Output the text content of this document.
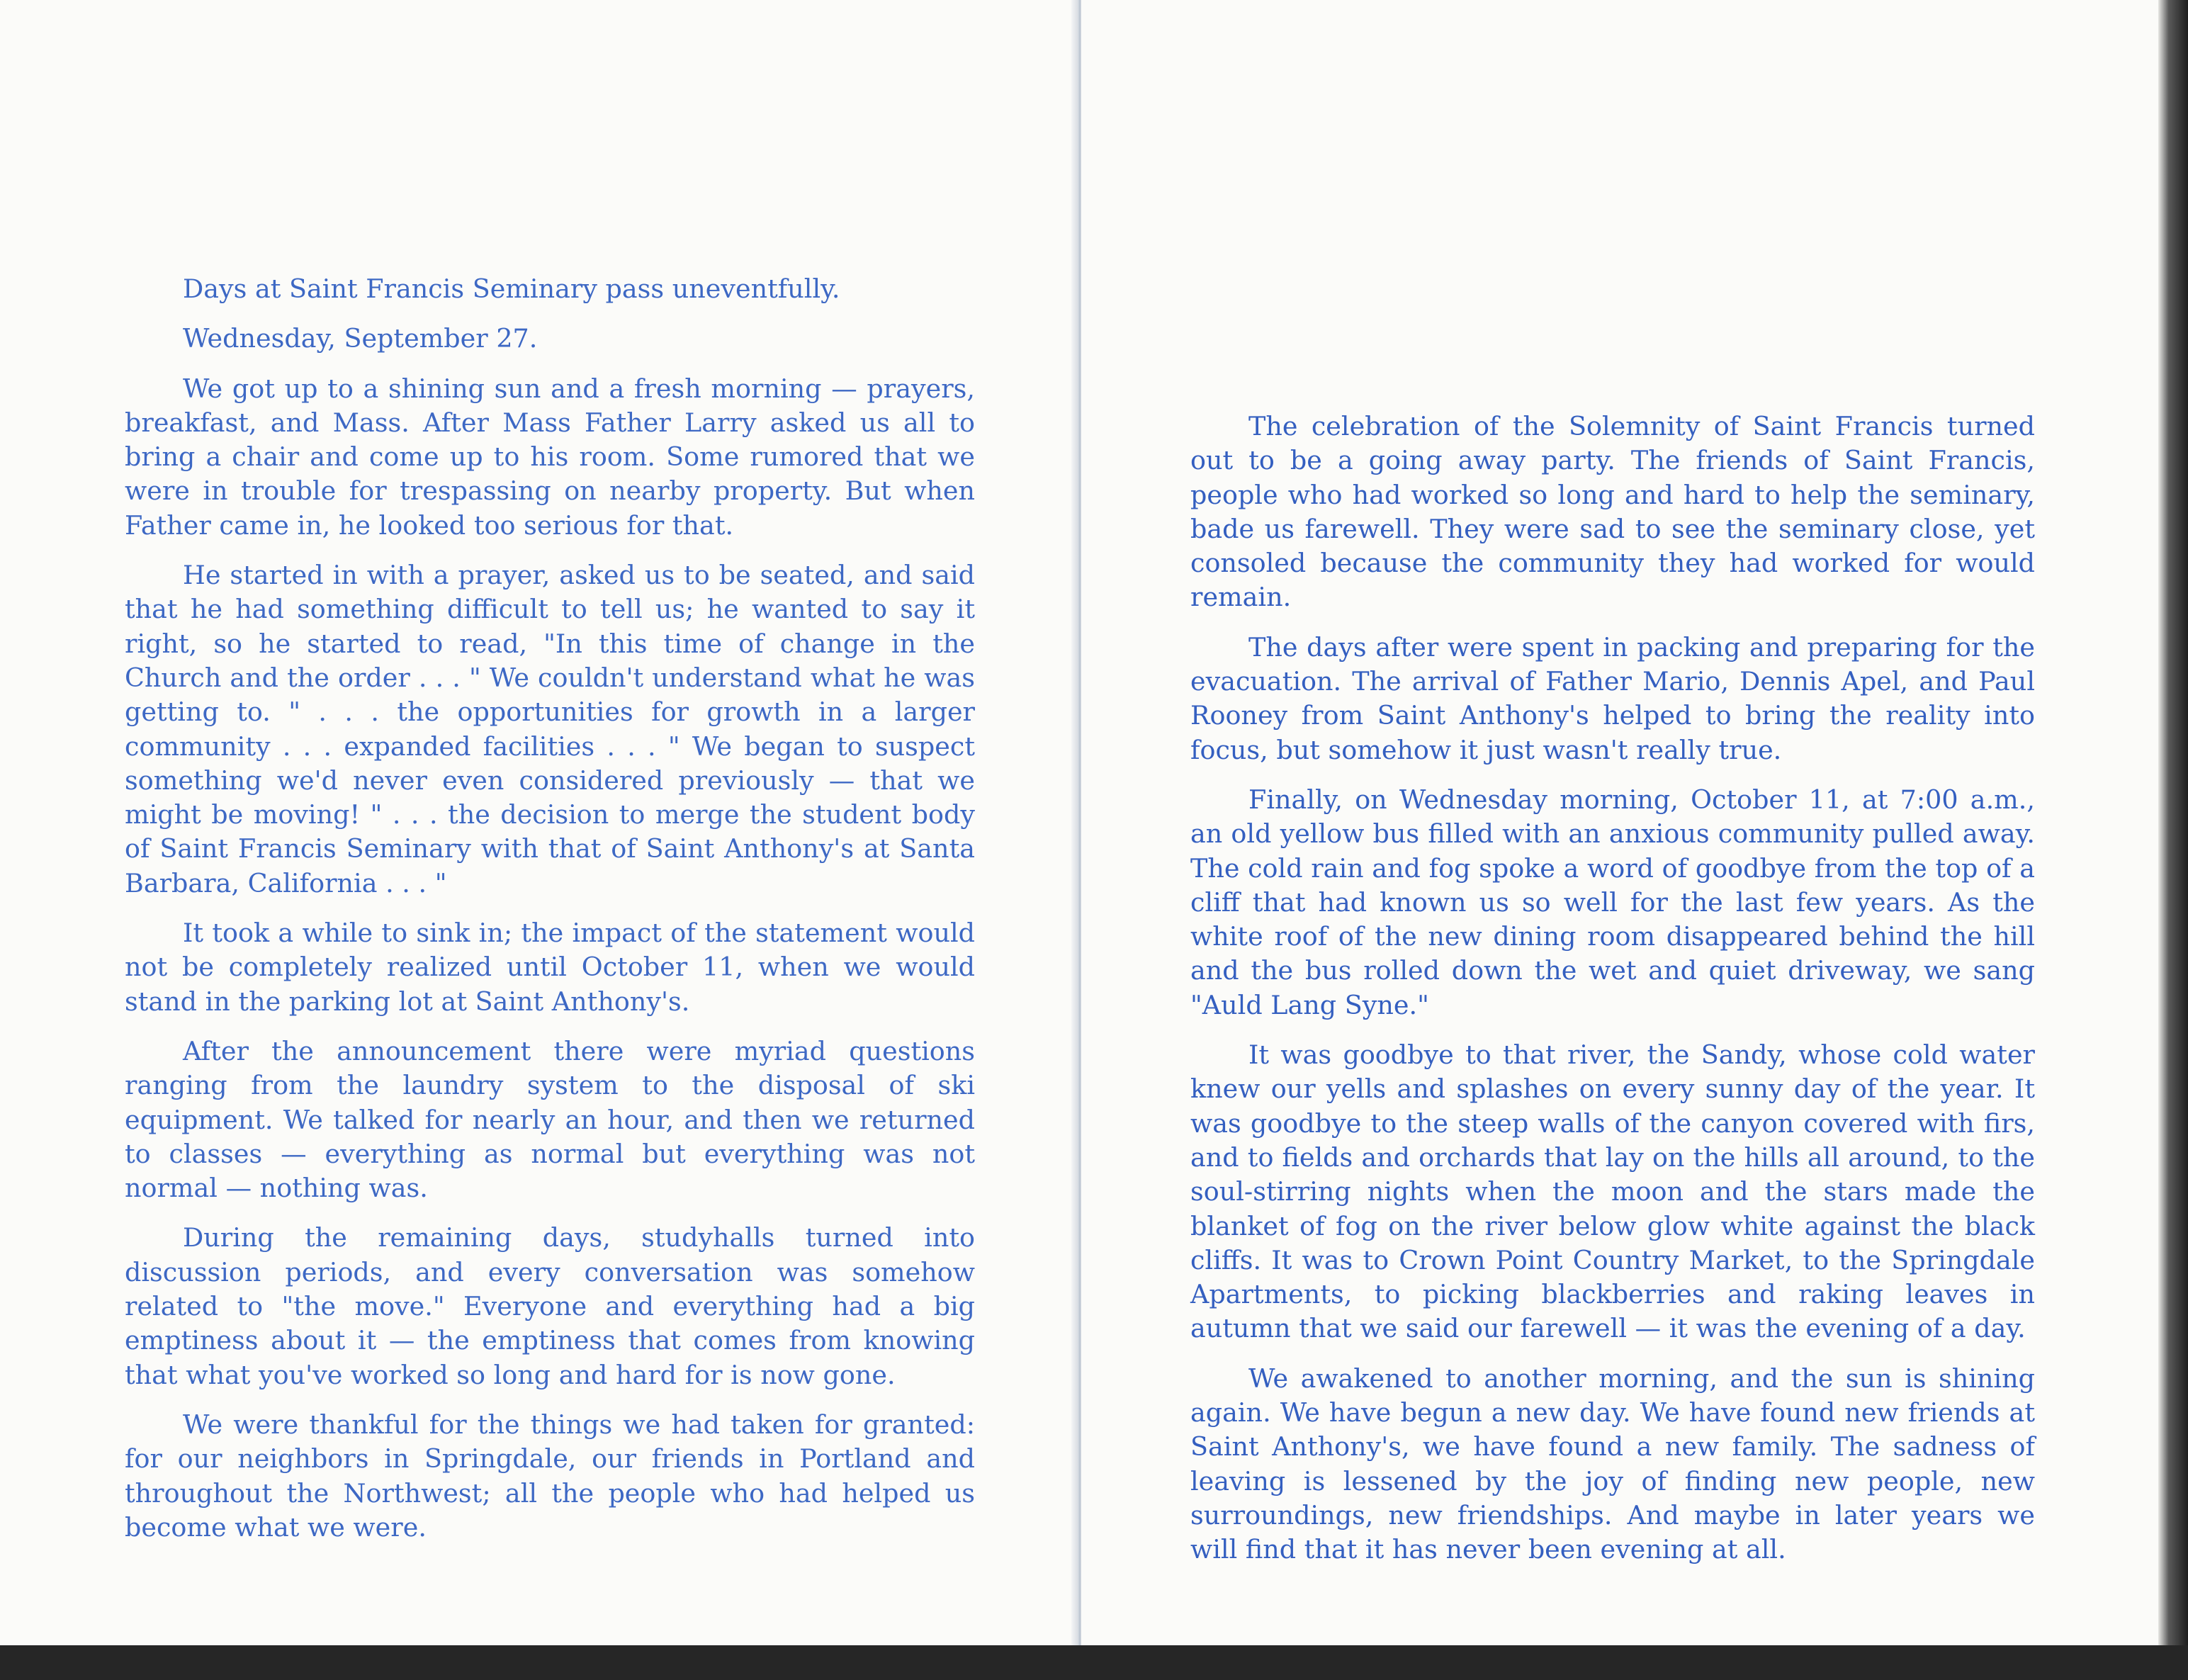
Days at Saint Francis Seminary pass uneventfully.

Wednesday, September 27.

We got up to a shining sun and a fresh morning — prayers, breakfast, and Mass. After Mass Father Larry asked us all to bring a chair and come up to his room. Some rumored that we were in trouble for trespassing on nearby property. But when Father came in, he looked too serious for that.

He started in with a prayer, asked us to be seated, and said that he had something difficult to tell us; he wanted to say it right, so he started to read, "In this time of change in the Church and the order . . . " We couldn't understand what he was getting to. " . . . the opportunities for growth in a larger community . . . expanded facilities . . . " We began to suspect something we'd never even considered previously — that we might be moving! " . . . the decision to merge the student body of Saint Francis Seminary with that of Saint Anthony's at Santa Barbara, California . . . "

It took a while to sink in; the impact of the statement would not be completely realized until October 11, when we would stand in the parking lot at Saint Anthony's.

After the announcement there were myriad questions ranging from the laundry system to the disposal of ski equipment. We talked for nearly an hour, and then we returned to classes — everything as normal but everything was not normal — nothing was.

During the remaining days, studyhalls turned into discussion periods, and every conversation was somehow related to "the move." Everyone and everything had a big emptiness about it — the emptiness that comes from knowing that what you've worked so long and hard for is now gone.

We were thankful for the things we had taken for granted: for our neighbors in Springdale, our friends in Portland and throughout the Northwest; all the people who had helped us become what we were.

The celebration of the Solemnity of Saint Francis turned out to be a going away party. The friends of Saint Francis, people who had worked so long and hard to help the seminary, bade us farewell. They were sad to see the seminary close, yet consoled because the community they had worked for would remain.

The days after were spent in packing and preparing for the evacuation. The arrival of Father Mario, Dennis Apel, and Paul Rooney from Saint Anthony's helped to bring the reality into focus, but somehow it just wasn't really true.

Finally, on Wednesday morning, October 11, at 7:00 a.m., an old yellow bus filled with an anxious community pulled away. The cold rain and fog spoke a word of goodbye from the top of a cliff that had known us so well for the last few years. As the white roof of the new dining room disappeared behind the hill and the bus rolled down the wet and quiet driveway, we sang "Auld Lang Syne."

It was goodbye to that river, the Sandy, whose cold water knew our yells and splashes on every sunny day of the year. It was goodbye to the steep walls of the canyon covered with firs, and to fields and orchards that lay on the hills all around, to the soul-stirring nights when the moon and the stars made the blanket of fog on the river below glow white against the black cliffs. It was to Crown Point Country Market, to the Springdale Apartments, to picking blackberries and raking leaves in autumn that we said our farewell — it was the evening of a day.

We awakened to another morning, and the sun is shining again. We have begun a new day. We have found new friends at Saint Anthony's, we have found a new family. The sadness of leaving is lessened by the joy of finding new people, new surroundings, new friendships. And maybe in later years we will find that it has never been evening at all.
